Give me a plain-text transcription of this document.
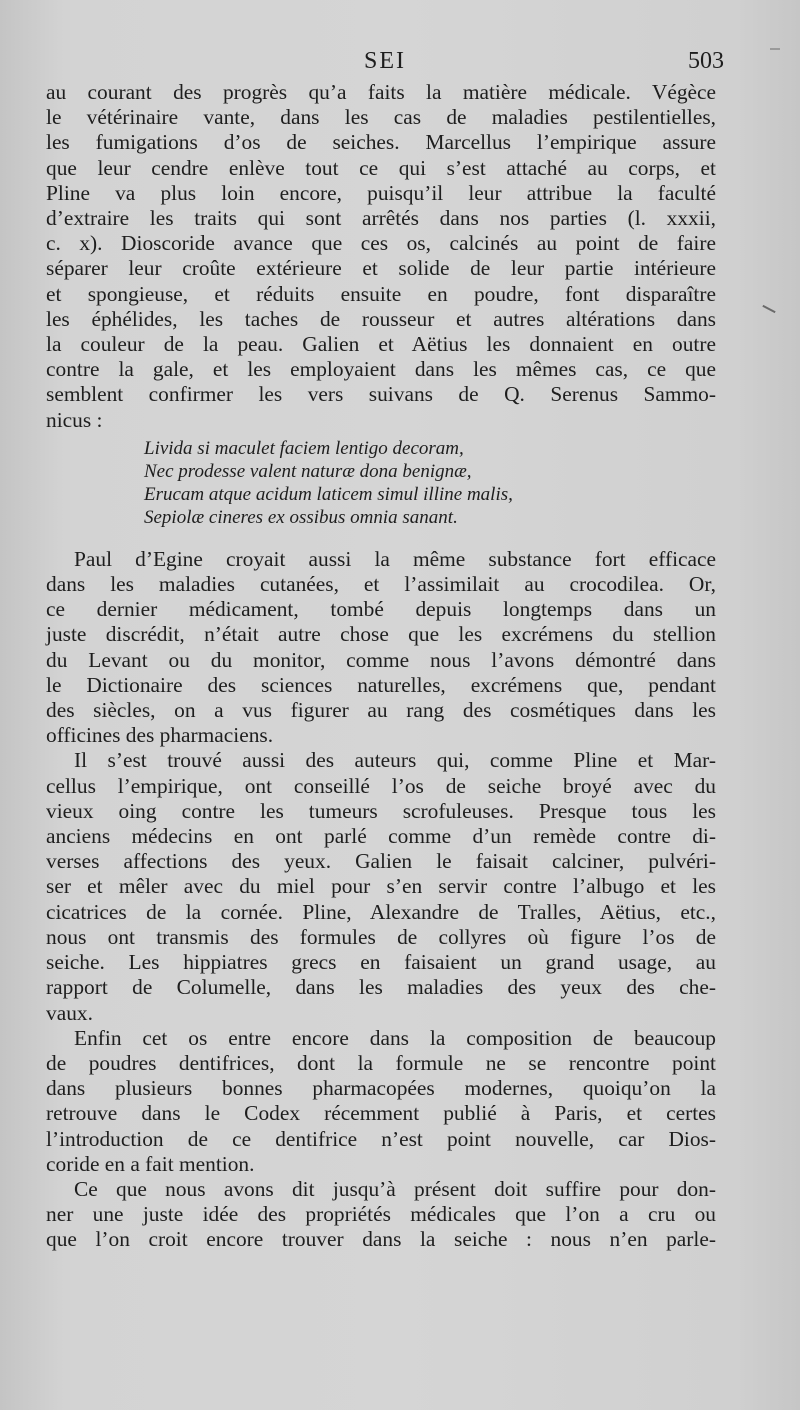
SEI	503
au courant des progrès qu’a faits la matière médicale. Végèce
le vétérinaire vante, dans les cas de maladies pestilentielles,
les fumigations d’os de seiches. Marcellus l’empirique assure
que leur cendre enlève tout ce qui s’est attaché au corps, et
Pline va plus loin encore, puisqu’il leur attribue la faculté
d’extraire les traits qui sont arrêtés dans nos parties (l. xxxii,
c. x). Dioscoride avance que ces os, calcinés au point de faire
séparer leur croûte extérieure et solide de leur partie intérieure
et spongieuse, et réduits ensuite en poudre, font disparaître
les éphélides, les taches de rousseur et autres altérations dans
la couleur de la peau. Galien et Aëtius les donnaient en outre
contre la gale, et les employaient dans les mêmes cas, ce que
semblent confirmer les vers suivans de Q. Serenus Sammo-
nicus :
Livida si maculet faciem lentigo decoram,
Nec prodesse valent naturæ dona benignæ,
Erucam atque acidum laticem simul illine malis,
Sepiolæ cineres ex ossibus omnia sanant.
Paul d’Egine croyait aussi la même substance fort efficace
dans les maladies cutanées, et l’assimilait au crocodilea. Or,
ce dernier médicament, tombé depuis longtemps dans un
juste discrédit, n’était autre chose que les excrémens du stellion
du Levant ou du monitor, comme nous l’avons démontré dans
le Dictionaire des sciences naturelles, excrémens que, pendant
des siècles, on a vus figurer au rang des cosmétiques dans les
officines des pharmaciens.
Il s’est trouvé aussi des auteurs qui, comme Pline et Mar-
cellus l’empirique, ont conseillé l’os de seiche broyé avec du
vieux oing contre les tumeurs scrofuleuses. Presque tous les
anciens médecins en ont parlé comme d’un remède contre di-
verses affections des yeux. Galien le faisait calciner, pulvéri-
ser et mêler avec du miel pour s’en servir contre l’albugo et les
cicatrices de la cornée. Pline, Alexandre de Tralles, Aëtius, etc.,
nous ont transmis des formules de collyres où figure l’os de
seiche. Les hippiatres grecs en faisaient un grand usage, au
rapport de Columelle, dans les maladies des yeux des che-
vaux.
Enfin cet os entre encore dans la composition de beaucoup
de poudres dentifrices, dont la formule ne se rencontre point
dans plusieurs bonnes pharmacopées modernes, quoiqu’on la
retrouve dans le Codex récemment publié à Paris, et certes
l’introduction de ce dentifrice n’est point nouvelle, car Dios-
coride en a fait mention.
Ce que nous avons dit jusqu’à présent doit suffire pour don-
ner une juste idée des propriétés médicales que l’on a cru ou
que l’on croit encore trouver dans la seiche : nous n’en parle-
